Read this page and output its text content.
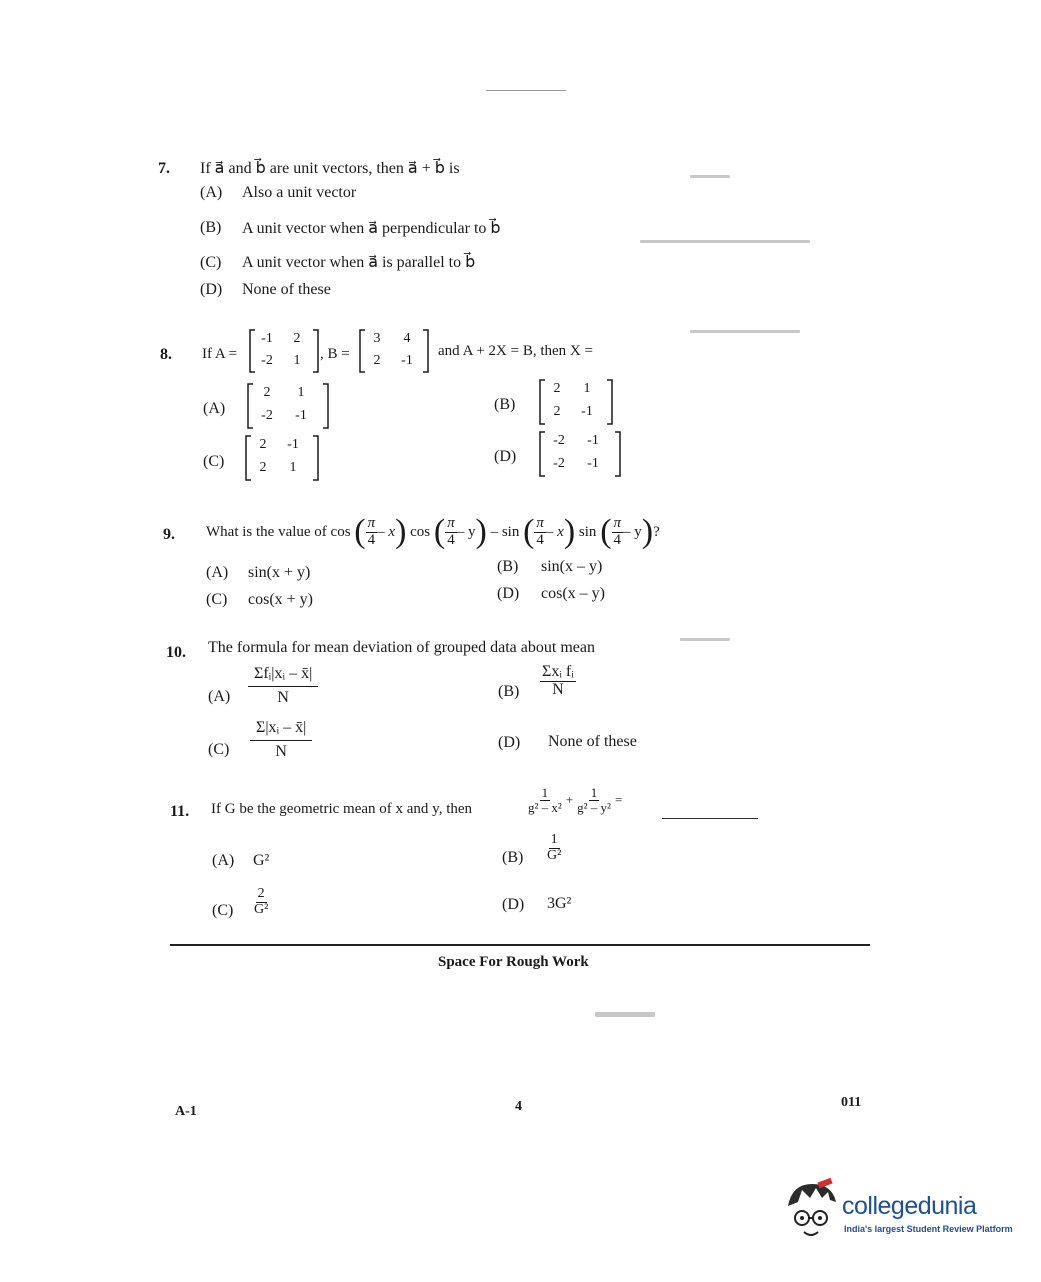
7. If a⃗ and b⃗ are unit vectors, then a⃗ + b⃗ is
(A) Also a unit vector
(B) A unit vector when a⃗ perpendicular to b⃗
(C) A unit vector when a⃗ is parallel to b⃗
(D) None of these
8. If A =
-1	2
-2	1	, B =
3	4
2	-1
and A + 2X = B, then X =
(A)
2	1
-2	-1
(B)
2	1
2	-1
(C)
2	-1
2	1
(D)
-2	-1
-2	-1
9. What is the value of cos
( $\frac{\pi}{4}$ – x )
cos
( $\frac{\pi}{4}$ – y )
– sin
( $\frac{\pi}{4}$ – x )
sin
( $\frac{\pi}{4}$ – y ) ?
(A) sin(x + y)	(B) sin(x – y)
(C) cos(x + y)	(D) cos(x – y)
10. The formula for mean deviation of grouped data about mean
$(A) \frac{\text{Σfᵢ|xᵢ – x̄|}}{N}$	$(B) \frac{\text{Σxᵢ fᵢ}}{N}$
$(C) \frac{\text{Σ|xᵢ – x̄|}}{N}$	(D) None of these
11. If G be the geometric mean of x and y, then	$\frac{1}{\text{g² – x²}} + \frac{1}{\text{g² – y²}}$ =
(A) G²	$(B) \frac{1}{\text{G²}}$
$(C) \frac{2}{\text{G²}}$	(D) 3G²
Space For Rough Work
A-1	4	011
collegedunia
India's largest Student Review Platform
